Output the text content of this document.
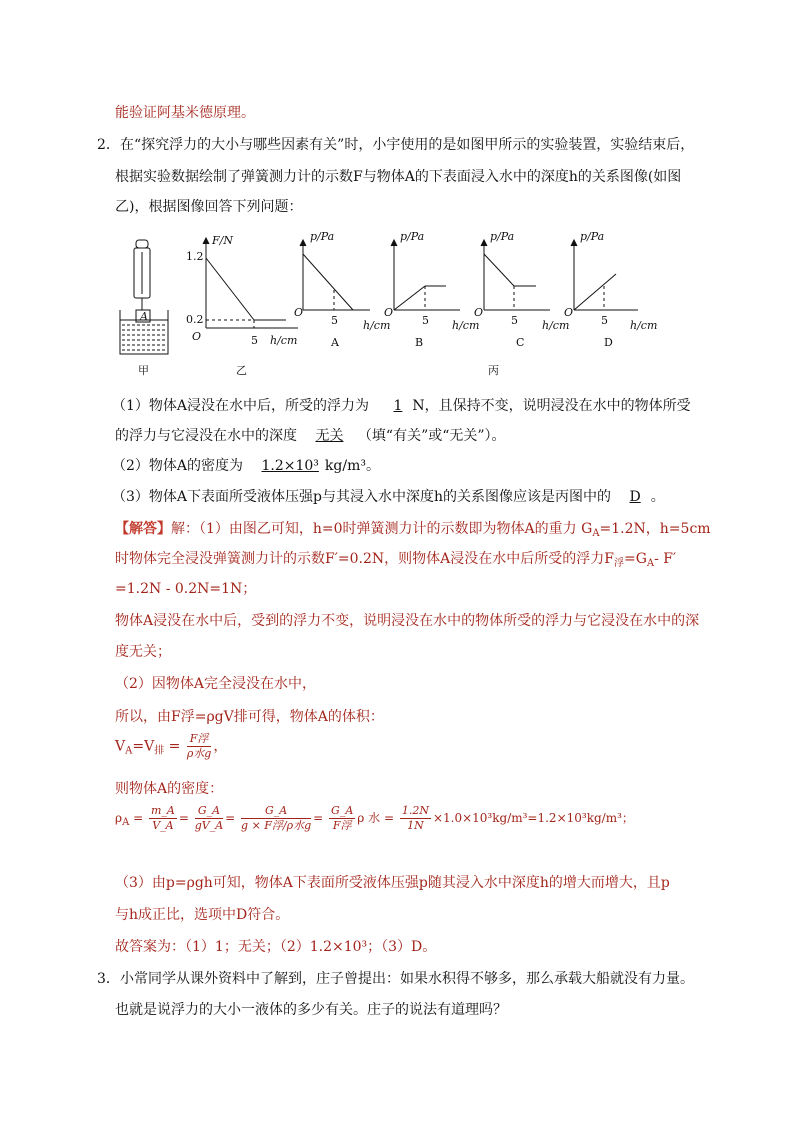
能验证阿基米德原理。
2． 在“探究浮力的大小与哪些因素有关”时，小宇使用的是如图甲所示的实验装置，实验结束后，
根据实验数据绘制了弹簧测力计的示数F与物体A的下表面浸入水中的深度h的关系图像(如图
乙)，根据图像回答下列问题：
A
甲
F/N
1.2
0.2
O	5 h/cm
乙
p/Pa
O
5 h/cm
A
p/Pa
O
5 h/cm
B
p/Pa
O
5 h/cm
C
p/Pa
O
5 h/cm
D
丙
（1）物体A浸没在水中后，所受的浮力为 1 N，且保持不变，说明浸没在水中的物体所受
的浮力与它浸没在水中的深度 无关 （填“有关”或“无关”）。
（2）物体A的密度为 1.2×10³ kg/m³。
（3）物体A下表面所受液体压强p与其浸入水中深度h的关系图像应该是丙图中的 D 。
【解答】解：（1）由图乙可知，h=0时弹簧测力计的示数即为物体A的重力 $G_A=1.2N$，h=5cm
时物体完全浸没弹簧测力计的示数F′=0.2N，则物体A浸没在水中后所受的浮力$F_浮=G_A-$ F′
=1.2N - 0.2N=1N；
物体A浸没在水中后，受到的浮力不变，说明浸没在水中的物体所受的浮力与它浸没在水中的深
度无关；
（2）因物体A完全浸没在水中，
所以，由F浮=ρgV排可得，物体A的体积：
$V_A=V_排 = \frac{\text{F浮}}{\text{ρ水g}}$ ，
则物体A的密度：
$\rho_A = \frac{m\_A}{V\_A} = \frac{G\_A}{gV\_A} = \frac{G\_A}{\text{g × F浮/ρ水g}} = \frac{G\_A}{\text{F浮}}$ ρ 水 = $\frac{1.2N}{1N} \times 1.0\times 10^3kg/m^3=1.2\times 10^3kg/m^3$；
（3）由p=ρgh可知，物体A下表面所受液体压强p随其浸入水中深度h的增大而增大，且p
与h成正比，选项中D符合。
故答案为：（1）1；无关；（2）1.2×10³；（3）D。
3． 小常同学从课外资料中了解到，庄子曾提出：如果水积得不够多，那么承载大船就没有力量。
也就是说浮力的大小一液体的多少有关。庄子的说法有道理吗？
